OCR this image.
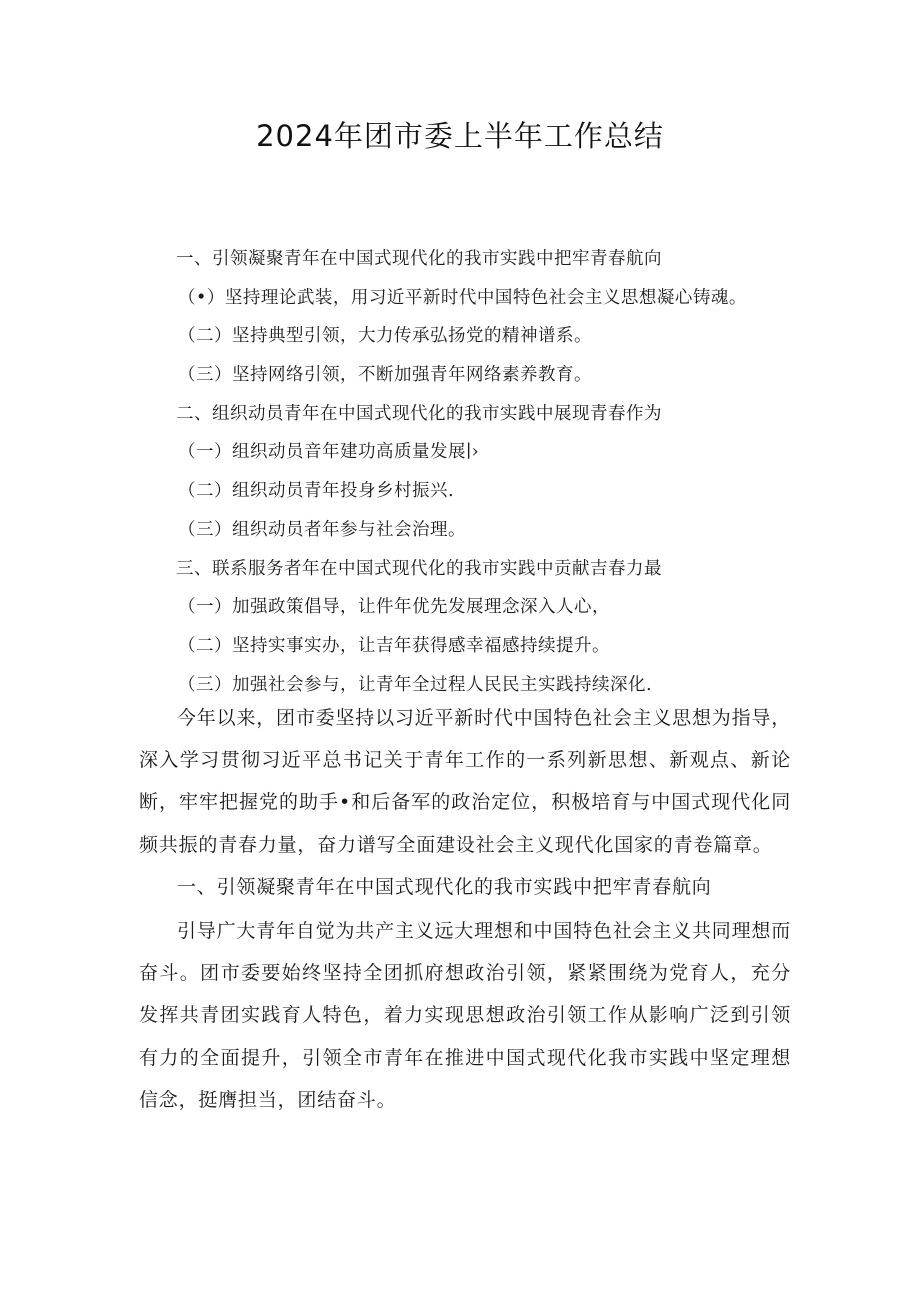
2024年团市委上半年工作总结
一、引领凝聚青年在中国式现代化的我市实践中把牢青春航向
（•）坚持理论武装，用习近平新时代中国特色社会主义思想凝心铸魂。
（二）坚持典型引领，大力传承弘扬党的精神谱系。
（三）坚持网络引领，不断加强青年网络素养教育。
二、组织动员青年在中国式现代化的我市实践中展现青春作为
（一）组织动员音年建功高质量发展∣›
（二）组织动员青年投身乡村振兴.
（三）组织动员者年参与社会治理。
三、联系服务者年在中国式现代化的我市实践中贡献吉春力最
（一）加强政策倡导，让件年优先发展理念深入人心，
（二）坚持实事实办，让吉年获得感幸福感持续提升。
（三）加强社会参与，让青年全过程人民民主实践持续深化.

今年以来，团市委坚持以习近平新时代中国特色社会主义思想为指导，深入学习贯彻习近平总书记关于青年工作的一系列新思想、新观点、新论断，牢牢把握党的助手•和后备军的政治定位，积极培育与中国式现代化同频共振的青春力量，奋力谱写全面建设社会主义现代化国家的青卷篇章。

一、引领凝聚青年在中国式现代化的我市实践中把牢青春航向

引导广大青年自觉为共产主义远大理想和中国特色社会主义共同理想而奋斗。团市委要始终坚持全团抓府想政治引领，紧紧围绕为党育人，充分发挥共青团实践育人特色，着力实现思想政治引领工作从影响广泛到引领有力的全面提升，引领全市青年在推进中国式现代化我市实践中坚定理想信念，挺膺担当，团结奋斗。
